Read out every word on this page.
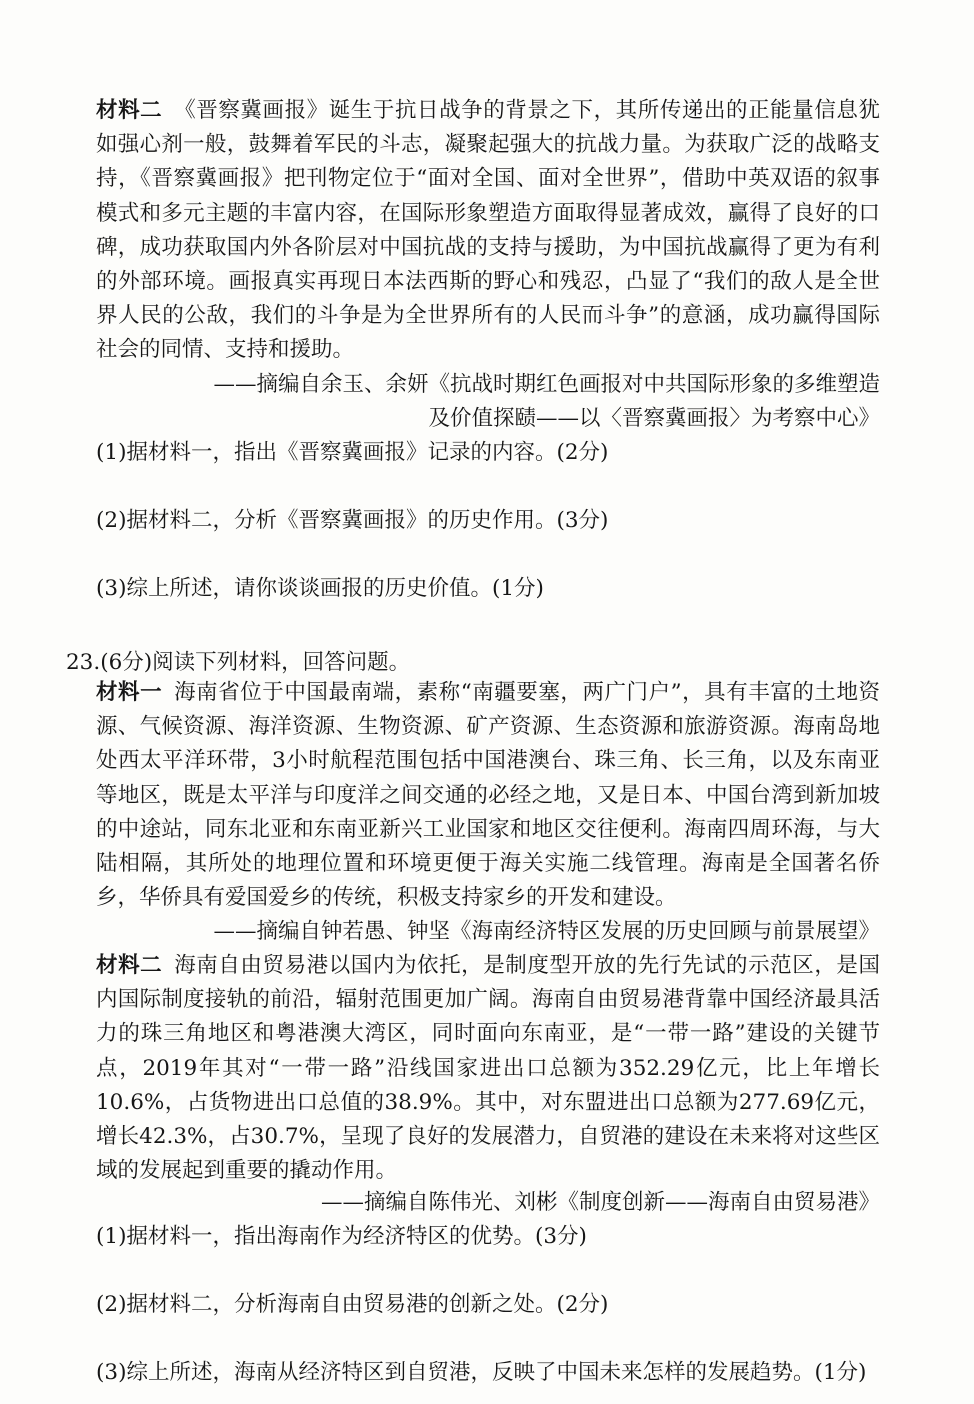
材料二 《晋察冀画报》诞生于抗日战争的背景之下，其所传递出的正能量信息犹如强心剂一般，鼓舞着军民的斗志，凝聚起强大的抗战力量。为获取广泛的战略支持，《晋察冀画报》把刊物定位于“面对全国、面对全世界”，借助中英双语的叙事模式和多元主题的丰富内容，在国际形象塑造方面取得显著成效，赢得了良好的口碑，成功获取国内外各阶层对中国抗战的支持与援助，为中国抗战赢得了更为有利的外部环境。画报真实再现日本法西斯的野心和残忍，凸显了“我们的敌人是全世界人民的公敌，我们的斗争是为全世界所有的人民而斗争”的意涵，成功赢得国际社会的同情、支持和援助。

——摘编自余玉、余妍《抗战时期红色画报对中共国际形象的多维塑造

及价值探赜——以〈晋察冀画报〉为考察中心》

(1)据材料一，指出《晋察冀画报》记录的内容。(2分)

(2)据材料二，分析《晋察冀画报》的历史作用。(3分)

(3)综上所述，请你谈谈画报的历史价值。(1分)

23.(6分)阅读下列材料，回答问题。

材料一 海南省位于中国最南端，素称“南疆要塞，两广门户”，具有丰富的土地资源、气候资源、海洋资源、生物资源、矿产资源、生态资源和旅游资源。海南岛地处西太平洋环带，3小时航程范围包括中国港澳台、珠三角、长三角，以及东南亚等地区，既是太平洋与印度洋之间交通的必经之地，又是日本、中国台湾到新加坡的中途站，同东北亚和东南亚新兴工业国家和地区交往便利。海南四周环海，与大陆相隔，其所处的地理位置和环境更便于海关实施二线管理。海南是全国著名侨乡，华侨具有爱国爱乡的传统，积极支持家乡的开发和建设。

——摘编自钟若愚、钟坚《海南经济特区发展的历史回顾与前景展望》

材料二 海南自由贸易港以国内为依托，是制度型开放的先行先试的示范区，是国内国际制度接轨的前沿，辐射范围更加广阔。海南自由贸易港背靠中国经济最具活力的珠三角地区和粤港澳大湾区，同时面向东南亚，是“一带一路”建设的关键节点，2019年其对“一带一路”沿线国家进出口总额为352.29亿元，比上年增长10.6%，占货物进出口总值的38.9%。其中，对东盟进出口总额为277.69亿元，增长42.3%，占30.7%，呈现了良好的发展潜力，自贸港的建设在未来将对这些区域的发展起到重要的撬动作用。

——摘编自陈伟光、刘彬《制度创新——海南自由贸易港》

(1)据材料一，指出海南作为经济特区的优势。(3分)

(2)据材料二，分析海南自由贸易港的创新之处。(2分)

(3)综上所述，海南从经济特区到自贸港，反映了中国未来怎样的发展趋势。(1分)
